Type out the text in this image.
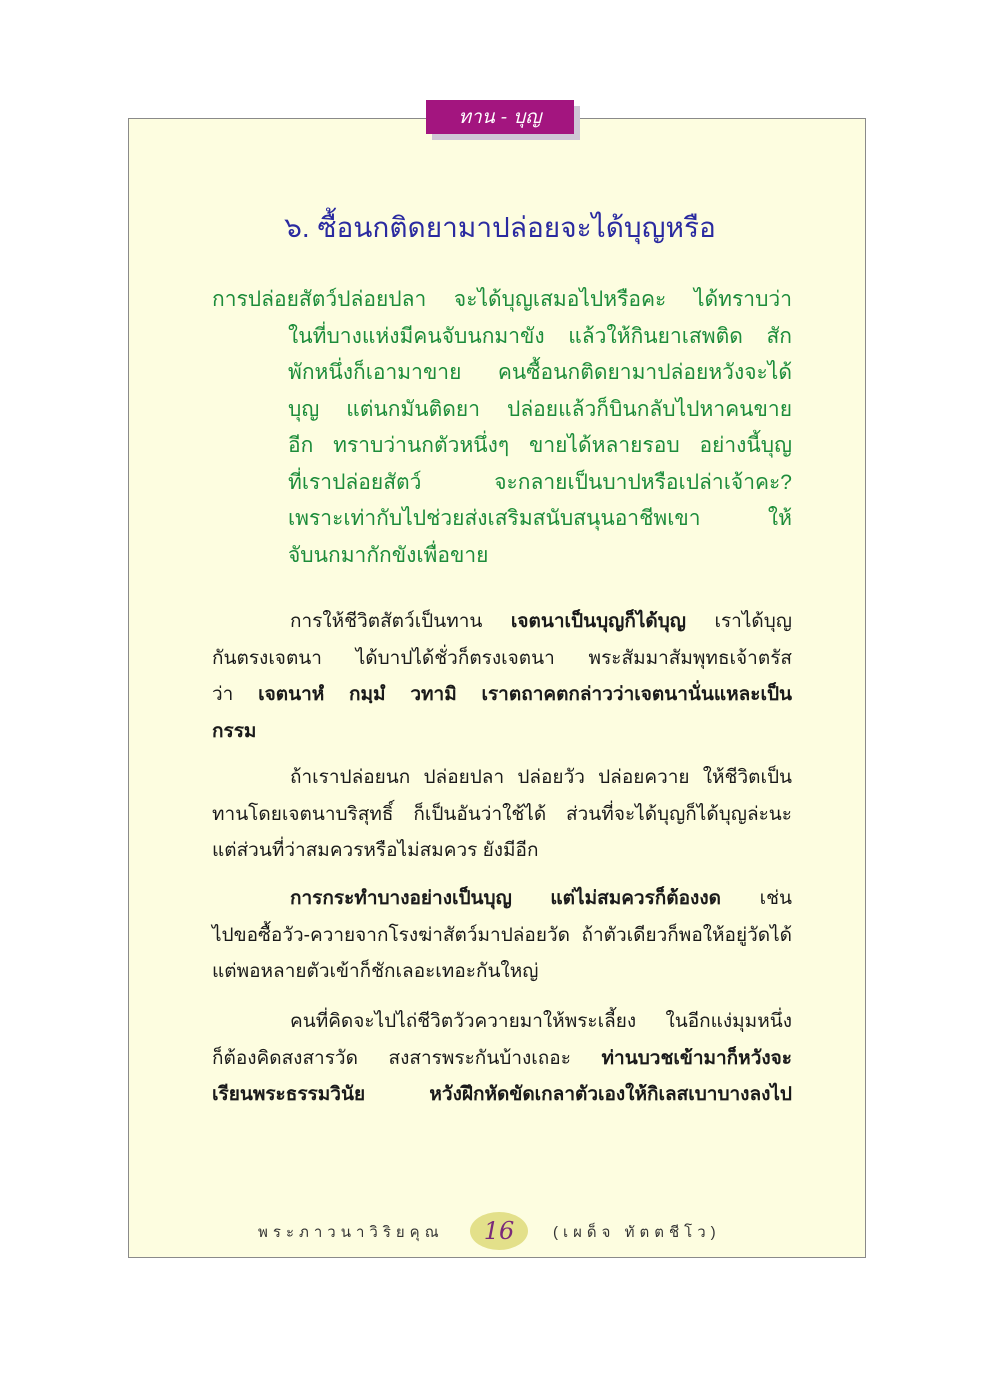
ทาน - บุญ
๖. ซื้อนกติดยามาปล่อยจะได้บุญหรือ
การปล่อยสัตว์ปล่อยปลา จะได้บุญเสมอไปหรือคะ ได้ทราบว่า
ในที่บางแห่งมีคนจับนกมาขัง แล้วให้กินยาเสพติด สัก
พักหนึ่งก็เอามาขาย คนซื้อนกติดยามาปล่อยหวังจะได้
บุญ แต่นกมันติดยา ปล่อยแล้วก็บินกลับไปหาคนขาย
อีก ทราบว่านกตัวหนึ่งๆ ขายได้หลายรอบ อย่างนี้บุญ
ที่เราปล่อยสัตว์ จะกลายเป็นบาปหรือเปล่าเจ้าคะ?
เพราะเท่ากับไปช่วยส่งเสริมสนับสนุนอาชีพเขา ให้
จับนกมากักขังเพื่อขาย
การให้ชีวิตสัตว์เป็นทาน เจตนาเป็นบุญก็ได้บุญ เราได้บุญ
กันตรงเจตนา ได้บาปได้ชั่วก็ตรงเจตนา พระสัมมาสัมพุทธเจ้าตรัส
ว่า เจตนาหํ กมฺมํ วทามิ เราตถาคตกล่าวว่าเจตนานั่นแหละเป็น
กรรม
ถ้าเราปล่อยนก ปล่อยปลา ปล่อยวัว ปล่อยควาย ให้ชีวิตเป็น
ทานโดยเจตนาบริสุทธิ์ ก็เป็นอันว่าใช้ได้ ส่วนที่จะได้บุญก็ได้บุญล่ะนะ
แต่ส่วนที่ว่าสมควรหรือไม่สมควร ยังมีอีก
การกระทำบางอย่างเป็นบุญ แต่ไม่สมควรก็ต้องงด เช่น
ไปขอซื้อวัว-ควายจากโรงฆ่าสัตว์มาปล่อยวัด ถ้าตัวเดียวก็พอให้อยู่วัดได้
แต่พอหลายตัวเข้าก็ชักเลอะเทอะกันใหญ่
คนที่คิดจะไปไถ่ชีวิตวัวควายมาให้พระเลี้ยง ในอีกแง่มุมหนึ่ง
ก็ต้องคิดสงสารวัด สงสารพระกันบ้างเถอะ ท่านบวชเข้ามาก็หวังจะ
เรียนพระธรรมวินัย หวังฝึกหัดขัดเกลาตัวเองให้กิเลสเบาบางลงไป
พระภาวนาวิริยคุณ	16	(เผด็จ ทัตตชีโว)
